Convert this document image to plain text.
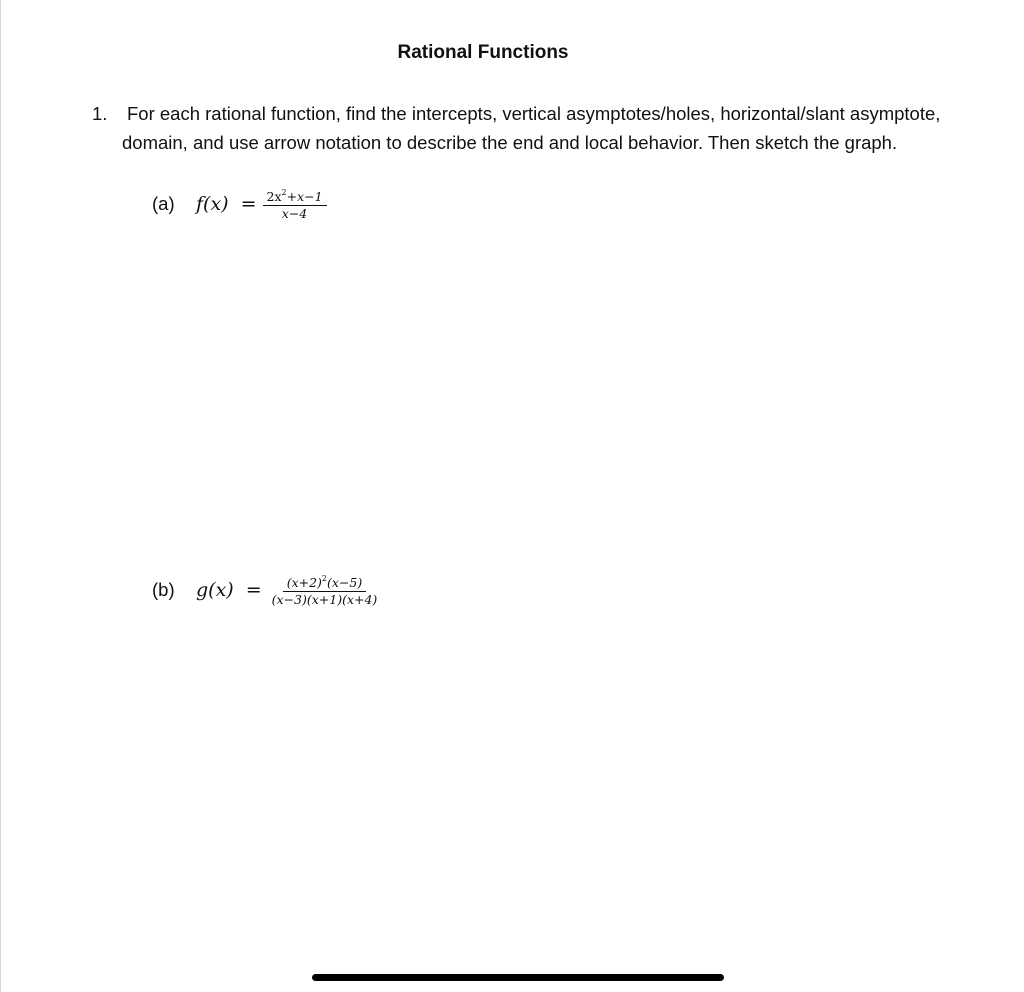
Rational Functions
1. For each rational function, find the intercepts, vertical asymptotes/holes, horizontal/slant asymptote, domain, and use arrow notation to describe the end and local behavior. Then sketch the graph.
(a)	$f(x) = \frac{2x^2+x-1}{x-4}$
(b)	$g(x) = \frac{(x+2)^2(x-5)}{(x-3)(x+1)(x+4)}$
